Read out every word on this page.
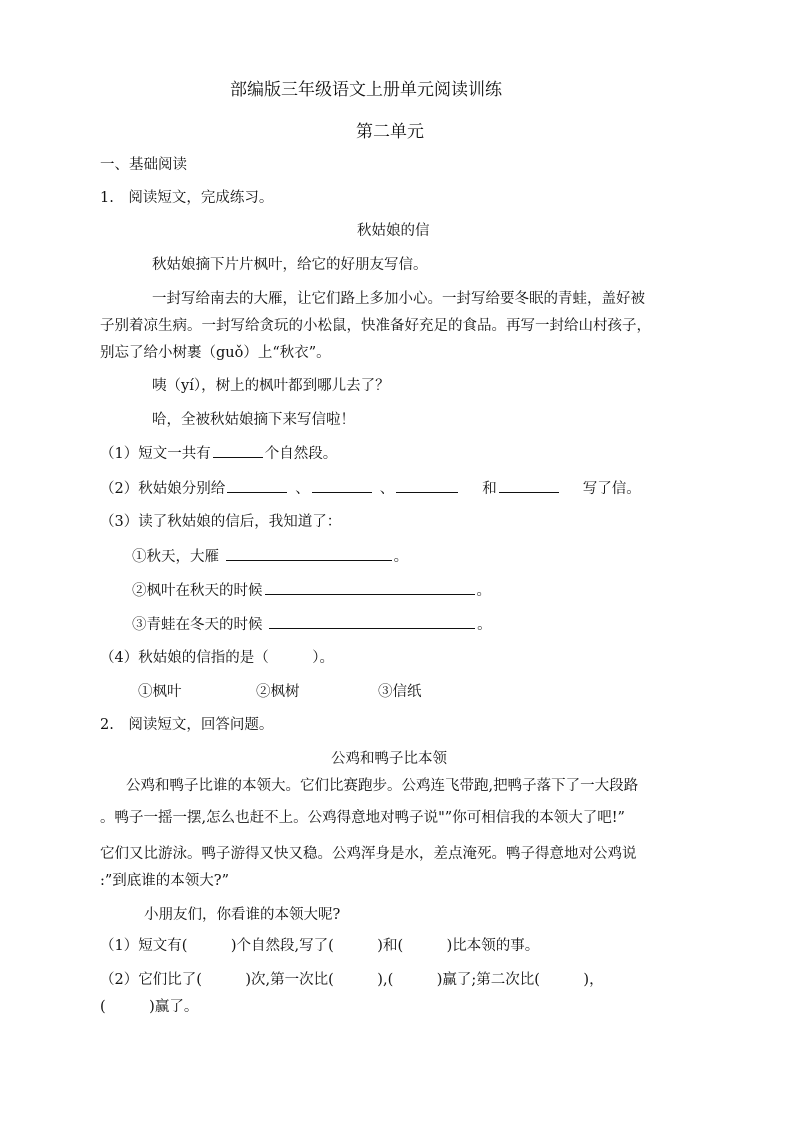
部编版三年级语文上册单元阅读训练
第二单元
一、基础阅读
1.　阅读短文，完成练习。
秋姑娘的信
秋姑娘摘下片片枫叶，给它的好朋友写信。
一封写给南去的大雁，让它们路上多加小心。一封写给要冬眠的青蛙，盖好被
子别着凉生病。一封写给贪玩的小松鼠，快准备好充足的食品。再写一封给山村孩子，
别忘了给小树裹（guǒ）上“秋衣”。
咦（yí），树上的枫叶都到哪儿去了？
哈，全被秋姑娘摘下来写信啦！
（1）短文一共有	个自然段。
（2）秋姑娘分别给	、	、	和	写了信。
（3）读了秋姑娘的信后，我知道了：
①秋天，大雁	。
②枫叶在秋天的时候	。
③青蛙在冬天的时候	。
（4）秋姑娘的信指的是（　　　）。
①枫叶	②枫树	③信纸
2.　阅读短文，回答问题。
公鸡和鸭子比本领
公鸡和鸭子比谁的本领大。它们比赛跑步。公鸡连飞带跑,把鸭子落下了一大段路
。鸭子一摇一摆,怎么也赶不上。公鸡得意地对鸭子说"”你可相信我的本领大了吧!”
它们又比游泳。鸭子游得又快又稳。公鸡浑身是水，差点淹死。鸭子得意地对公鸡说
:”到底谁的本领大?”
小朋友们，你看谁的本领大呢?
（1）短文有(　　　)个自然段,写了(　　　)和(　　　)比本领的事。
（2）它们比了(　　　)次,第一次比(　　　),(　　　)赢了;第二次比(　　　)，
(　　　)赢了。
